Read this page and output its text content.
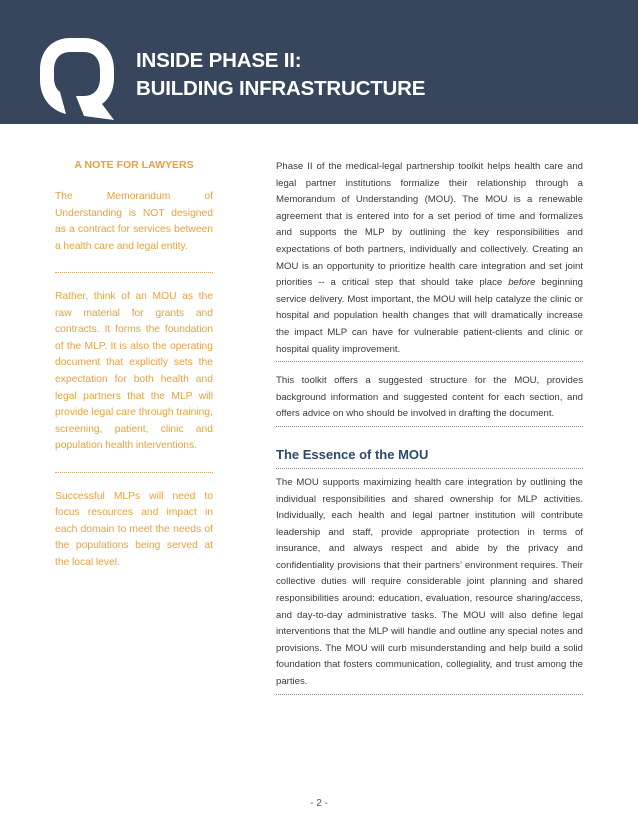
INSIDE PHASE II:
BUILDING INFRASTRUCTURE
A NOTE FOR LAWYERS

The Memorandum of Understanding is NOT designed as a contract for services between a health care and legal entity.

Rather, think of an MOU as the raw material for grants and contracts. It forms the foundation of the MLP. It is also the operating document that explicitly sets the expectation for both health and legal partners that the MLP will provide legal care through training, screening, patient, clinic and population health interventions.

Successful MLPs will need to focus resources and impact in each domain to meet the needs of the populations being served at the local level.

Phase II of the medical-legal partnership toolkit helps health care and legal partner institutions formalize their relationship through a Memorandum of Understanding (MOU). The MOU is a renewable agreement that is entered into for a set period of time and formalizes and supports the MLP by outlining the key responsibilities and expectations of both partners, individually and collectively. Creating an MOU is an opportunity to prioritize health care integration and set joint priorities -- a critical step that should take place before beginning service delivery. Most important, the MOU will help catalyze the clinic or hospital and population health changes that will dramatically increase the impact MLP can have for vulnerable patient-clients and clinic or hospital quality improvement.

This toolkit offers a suggested structure for the MOU, provides background information and suggested content for each section, and offers advice on who should be involved in drafting the document.

The Essence of the MOU

The MOU supports maximizing health care integration by outlining the individual responsibilities and shared ownership for MLP activities. Individually, each health and legal partner institution will contribute leadership and staff, provide appropriate protection in terms of insurance, and always respect and abide by the privacy and confidentiality provisions that their partners’ environment requires. Their collective duties will require considerable joint planning and shared responsibilities around: education, evaluation, resource sharing/access, and day-to-day administrative tasks. The MOU will also define legal interventions that the MLP will handle and outline any special notes and provisions. The MOU will curb misunderstanding and help build a solid foundation that fosters communication, collegiality, and trust among the parties.

- 2 -
